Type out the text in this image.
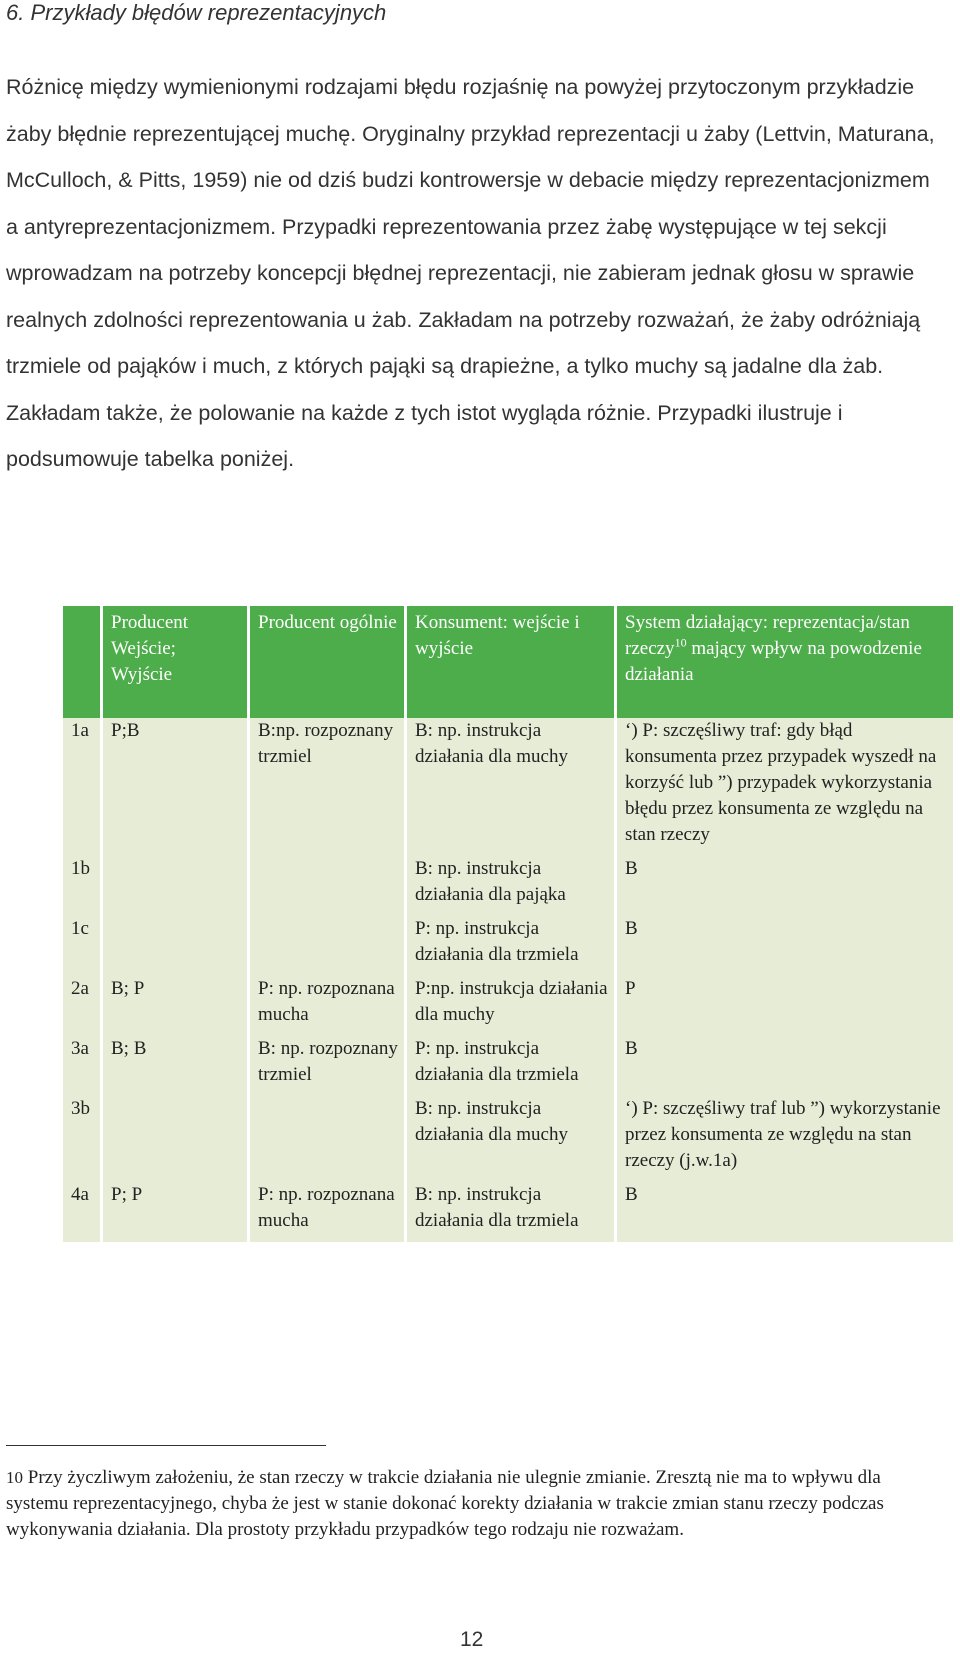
6. Przykłady błędów reprezentacyjnych

Różnicę między wymienionymi rodzajami błędu rozjaśnię na powyżej przytoczonym przykładzie żaby błędnie reprezentującej muchę. Oryginalny przykład reprezentacji u żaby (Lettvin, Maturana, McCulloch, & Pitts, 1959) nie od dziś budzi kontrowersje w debacie między reprezentacjonizmem a antyreprezentacjonizmem. Przypadki reprezentowania przez żabę występujące w tej sekcji wprowadzam na potrzeby koncepcji błędnej reprezentacji, nie zabieram jednak głosu w sprawie realnych zdolności reprezentowania u żab. Zakładam na potrzeby rozważań, że żaby odróżniają trzmiele od pająków i much, z których pająki są drapieżne, a tylko muchy są jadalne dla żab. Zakładam także, że polowanie na każde z tych istot wygląda różnie. Przypadki ilustruje i podsumowuje tabelka poniżej.

	Producent Wejście; Wyjście	Producent ogólnie	Konsument: wejście i wyjście	System działający: reprezentacja/stan rzeczy$^{10}$ mający wpływ na powodzenie działania
1a	P;B	B:np. rozpoznany trzmiel	B: np. instrukcja działania dla muchy	‘) P: szczęśliwy traf: gdy błąd konsumenta przez przypadek wyszedł na korzyść lub ”) przypadek wykorzystania błędu przez konsumenta ze względu na stan rzeczy
1b			B: np. instrukcja działania dla pająka	B
1c			P: np. instrukcja działania dla trzmiela	B
2a	B; P	P: np. rozpoznana mucha	P:np. instrukcja działania dla muchy	P
3a	B; B	B: np. rozpoznany trzmiel	P: np. instrukcja działania dla trzmiela	B
3b			B: np. instrukcja działania dla muchy	‘) P: szczęśliwy traf lub ”) wykorzystanie przez konsumenta ze względu na stan rzeczy (j.w.1a)
4a	P; P	P: np. rozpoznana mucha	B: np. instrukcja działania dla trzmiela	B
10 Przy życzliwym założeniu, że stan rzeczy w trakcie działania nie ulegnie zmianie. Zresztą nie ma to wpływu dla systemu reprezentacyjnego, chyba że jest w stanie dokonać korekty działania w trakcie zmian stanu rzeczy podczas wykonywania działania. Dla prostoty przykładu przypadków tego rodzaju nie rozważam.
12
